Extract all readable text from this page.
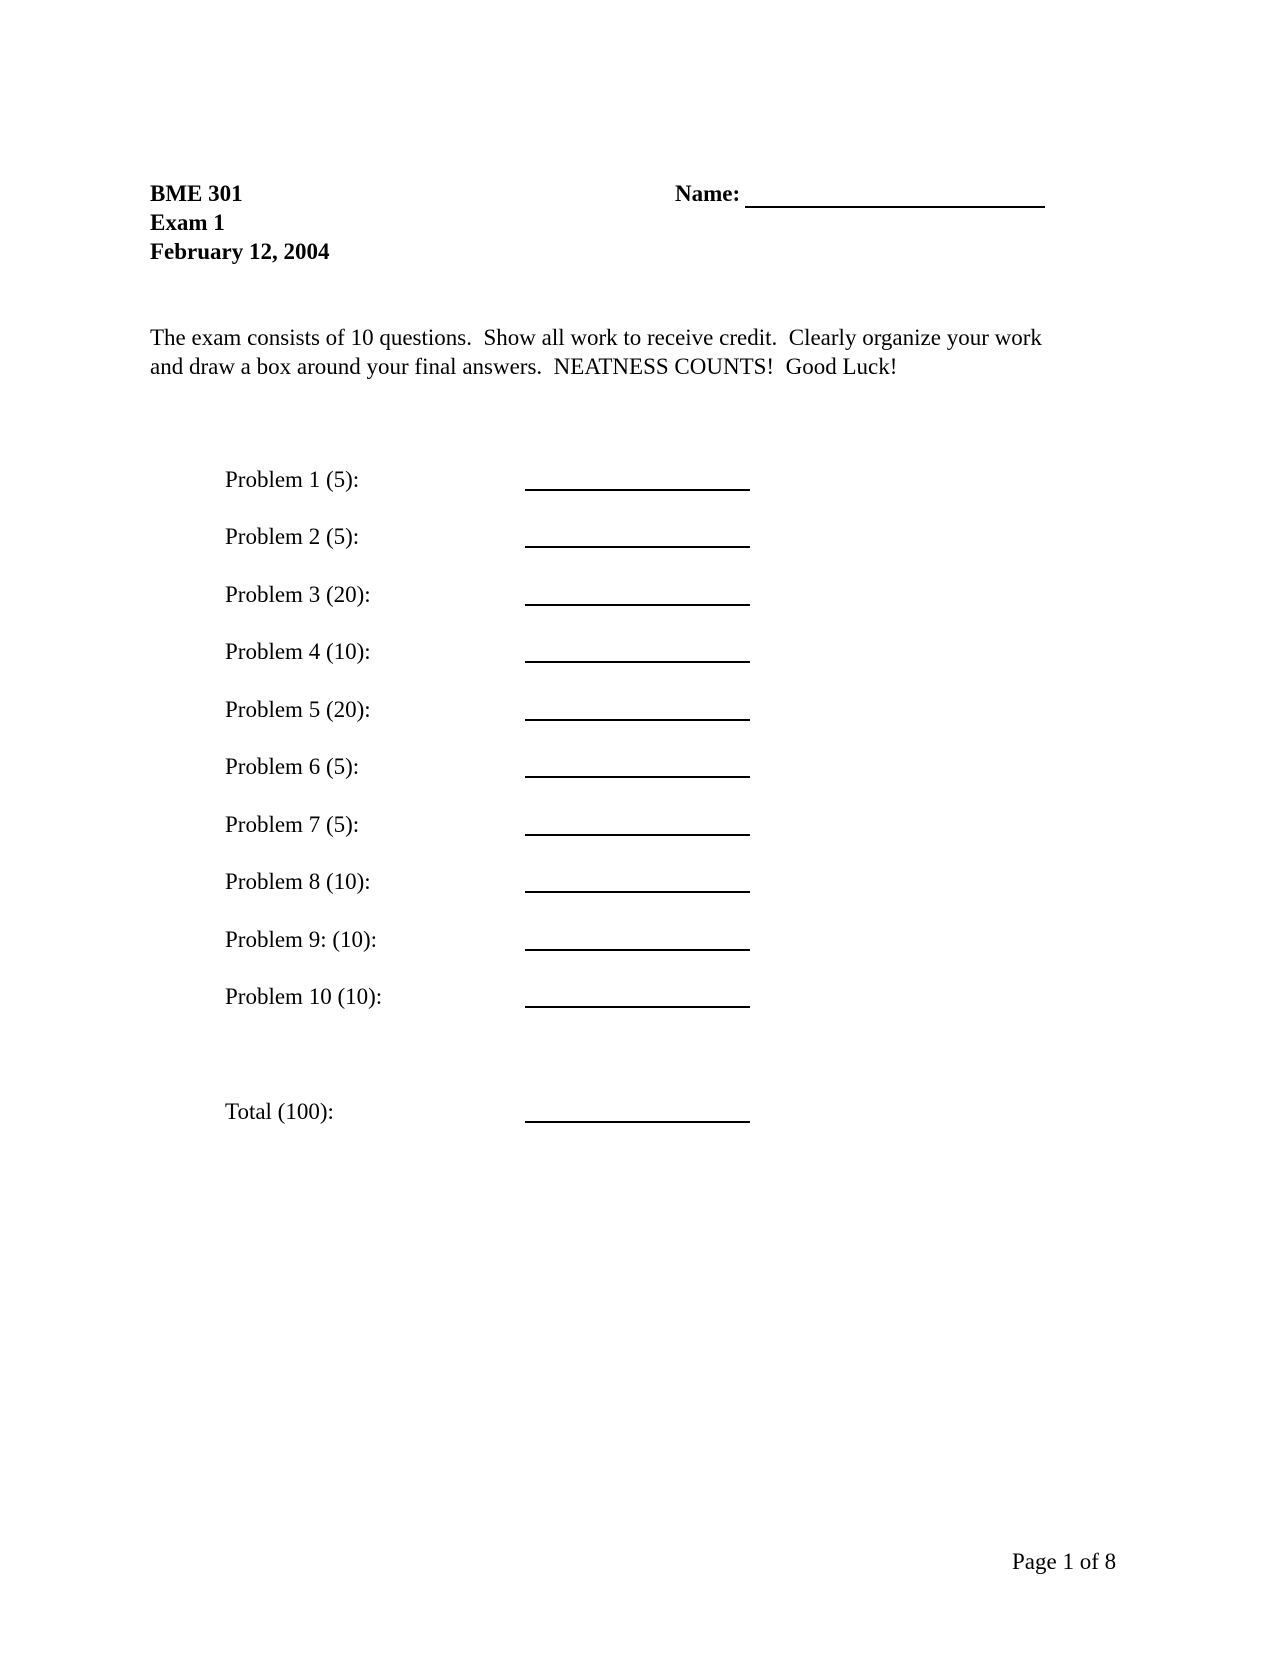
BME 301
Exam 1
February 12, 2004
Name:

The exam consists of 10 questions.  Show all work to receive credit.  Clearly organize your work
and draw a box around your final answers.  NEATNESS COUNTS!  Good Luck!

Problem 1 (5):
Problem 2 (5):
Problem 3 (20):
Problem 4 (10):
Problem 5 (20):
Problem 6 (5):
Problem 7 (5):
Problem 8 (10):
Problem 9: (10):
Problem 10 (10):
Total (100):
Page 1 of 8
